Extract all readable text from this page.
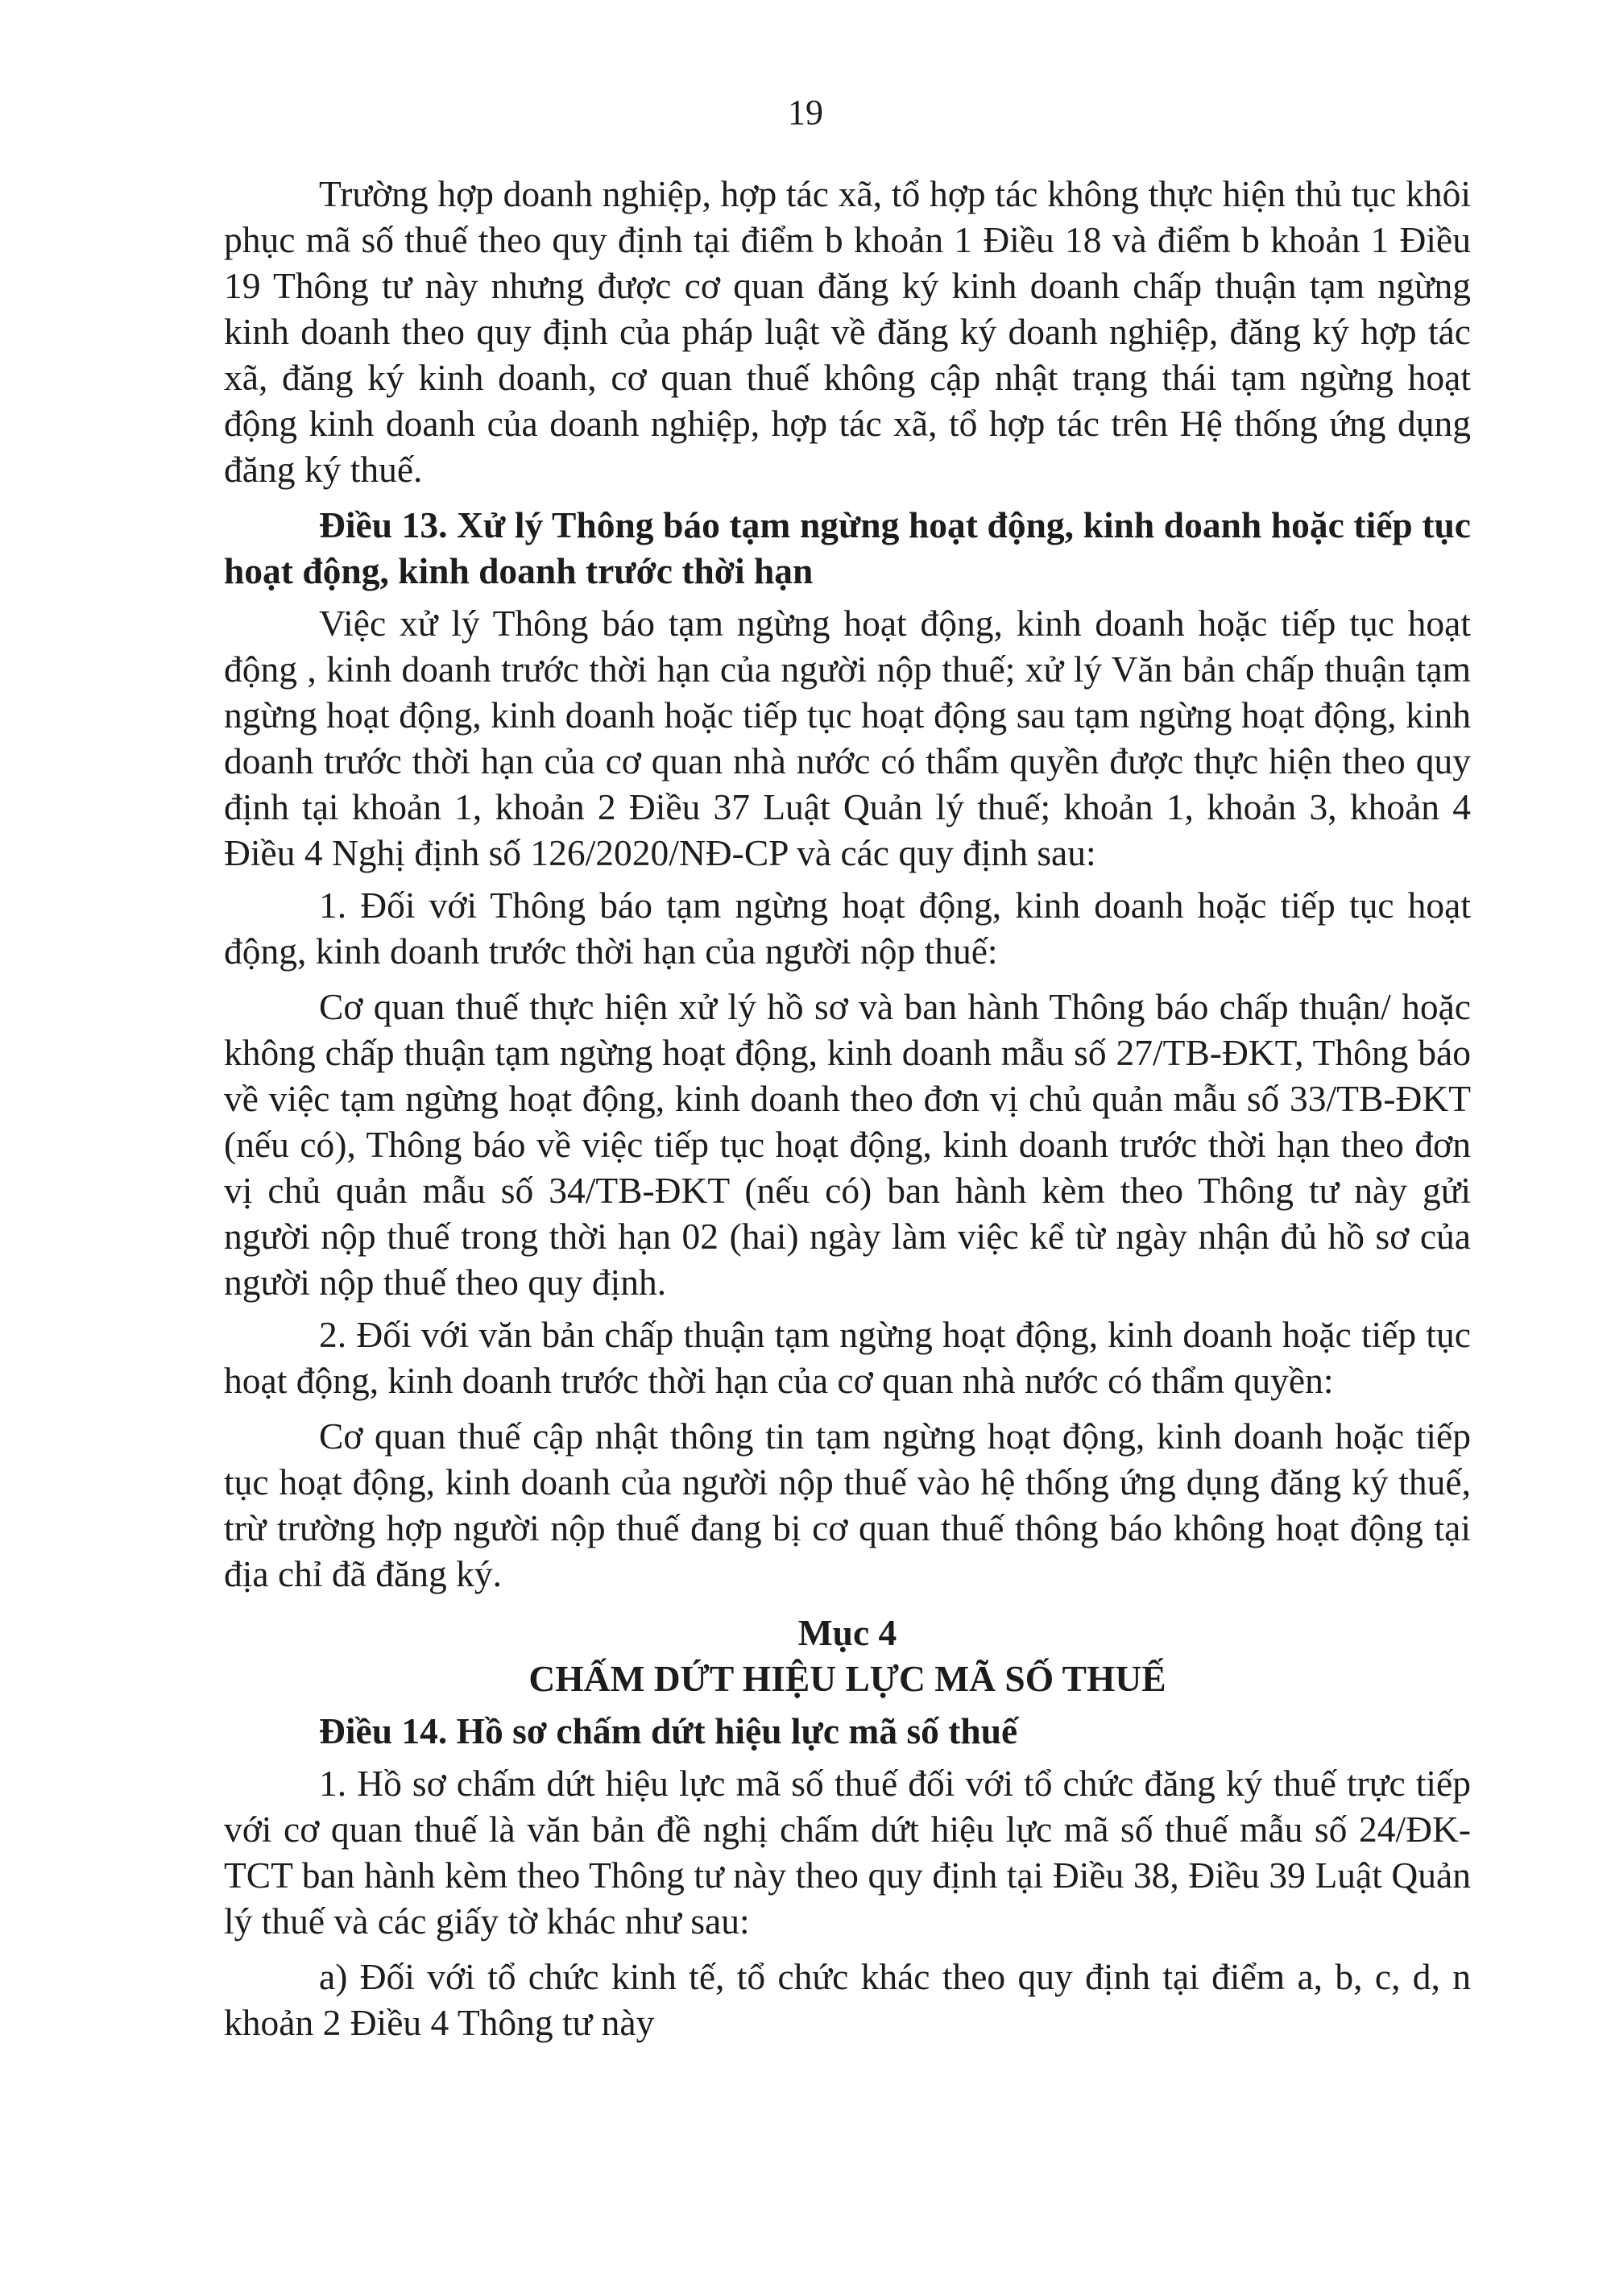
19

Trường hợp doanh nghiệp, hợp tác xã, tổ hợp tác không thực hiện thủ tục khôi phục mã số thuế theo quy định tại điểm b khoản 1 Điều 18 và điểm b khoản 1 Điều 19 Thông tư này nhưng được cơ quan đăng ký kinh doanh chấp thuận tạm ngừng kinh doanh theo quy định của pháp luật về đăng ký doanh nghiệp, đăng ký hợp tác xã, đăng ký kinh doanh, cơ quan thuế không cập nhật trạng thái tạm ngừng hoạt động kinh doanh của doanh nghiệp, hợp tác xã, tổ hợp tác trên Hệ thống ứng dụng đăng ký thuế.

Điều 13. Xử lý Thông báo tạm ngừng hoạt động, kinh doanh hoặc tiếp tục hoạt động, kinh doanh trước thời hạn

Việc xử lý Thông báo tạm ngừng hoạt động, kinh doanh hoặc tiếp tục hoạt động , kinh doanh trước thời hạn của người nộp thuế; xử lý Văn bản chấp thuận tạm ngừng hoạt động, kinh doanh hoặc tiếp tục hoạt động sau tạm ngừng hoạt động, kinh doanh trước thời hạn của cơ quan nhà nước có thẩm quyền được thực hiện theo quy định tại khoản 1, khoản 2 Điều 37 Luật Quản lý thuế; khoản 1, khoản 3, khoản 4 Điều 4 Nghị định số 126/2020/NĐ-CP và các quy định sau:

1. Đối với Thông báo tạm ngừng hoạt động, kinh doanh hoặc tiếp tục hoạt động, kinh doanh trước thời hạn của người nộp thuế:

Cơ quan thuế thực hiện xử lý hồ sơ và ban hành Thông báo chấp thuận/ hoặc không chấp thuận tạm ngừng hoạt động, kinh doanh mẫu số 27/TB-ĐKT, Thông báo về việc tạm ngừng hoạt động, kinh doanh theo đơn vị chủ quản mẫu số 33/TB-ĐKT (nếu có), Thông báo về việc tiếp tục hoạt động, kinh doanh trước thời hạn theo đơn vị chủ quản mẫu số 34/TB-ĐKT (nếu có) ban hành kèm theo Thông tư này gửi người nộp thuế trong thời hạn 02 (hai) ngày làm việc kể từ ngày nhận đủ hồ sơ của người nộp thuế theo quy định.

2. Đối với văn bản chấp thuận tạm ngừng hoạt động, kinh doanh hoặc tiếp tục hoạt động, kinh doanh trước thời hạn của cơ quan nhà nước có thẩm quyền:

Cơ quan thuế cập nhật thông tin tạm ngừng hoạt động, kinh doanh hoặc tiếp tục hoạt động, kinh doanh của người nộp thuế vào hệ thống ứng dụng đăng ký thuế, trừ trường hợp người nộp thuế đang bị cơ quan thuế thông báo không hoạt động tại địa chỉ đã đăng ký.

Mục 4

CHẤM DỨT HIỆU LỰC MÃ SỐ THUẾ

Điều 14. Hồ sơ chấm dứt hiệu lực mã số thuế

1. Hồ sơ chấm dứt hiệu lực mã số thuế đối với tổ chức đăng ký thuế trực tiếp với cơ quan thuế là văn bản đề nghị chấm dứt hiệu lực mã số thuế mẫu số 24/ĐK-TCT ban hành kèm theo Thông tư này theo quy định tại Điều 38, Điều 39 Luật Quản lý thuế và các giấy tờ khác như sau:

a) Đối với tổ chức kinh tế, tổ chức khác theo quy định tại điểm a, b, c, d, n khoản 2 Điều 4 Thông tư này
